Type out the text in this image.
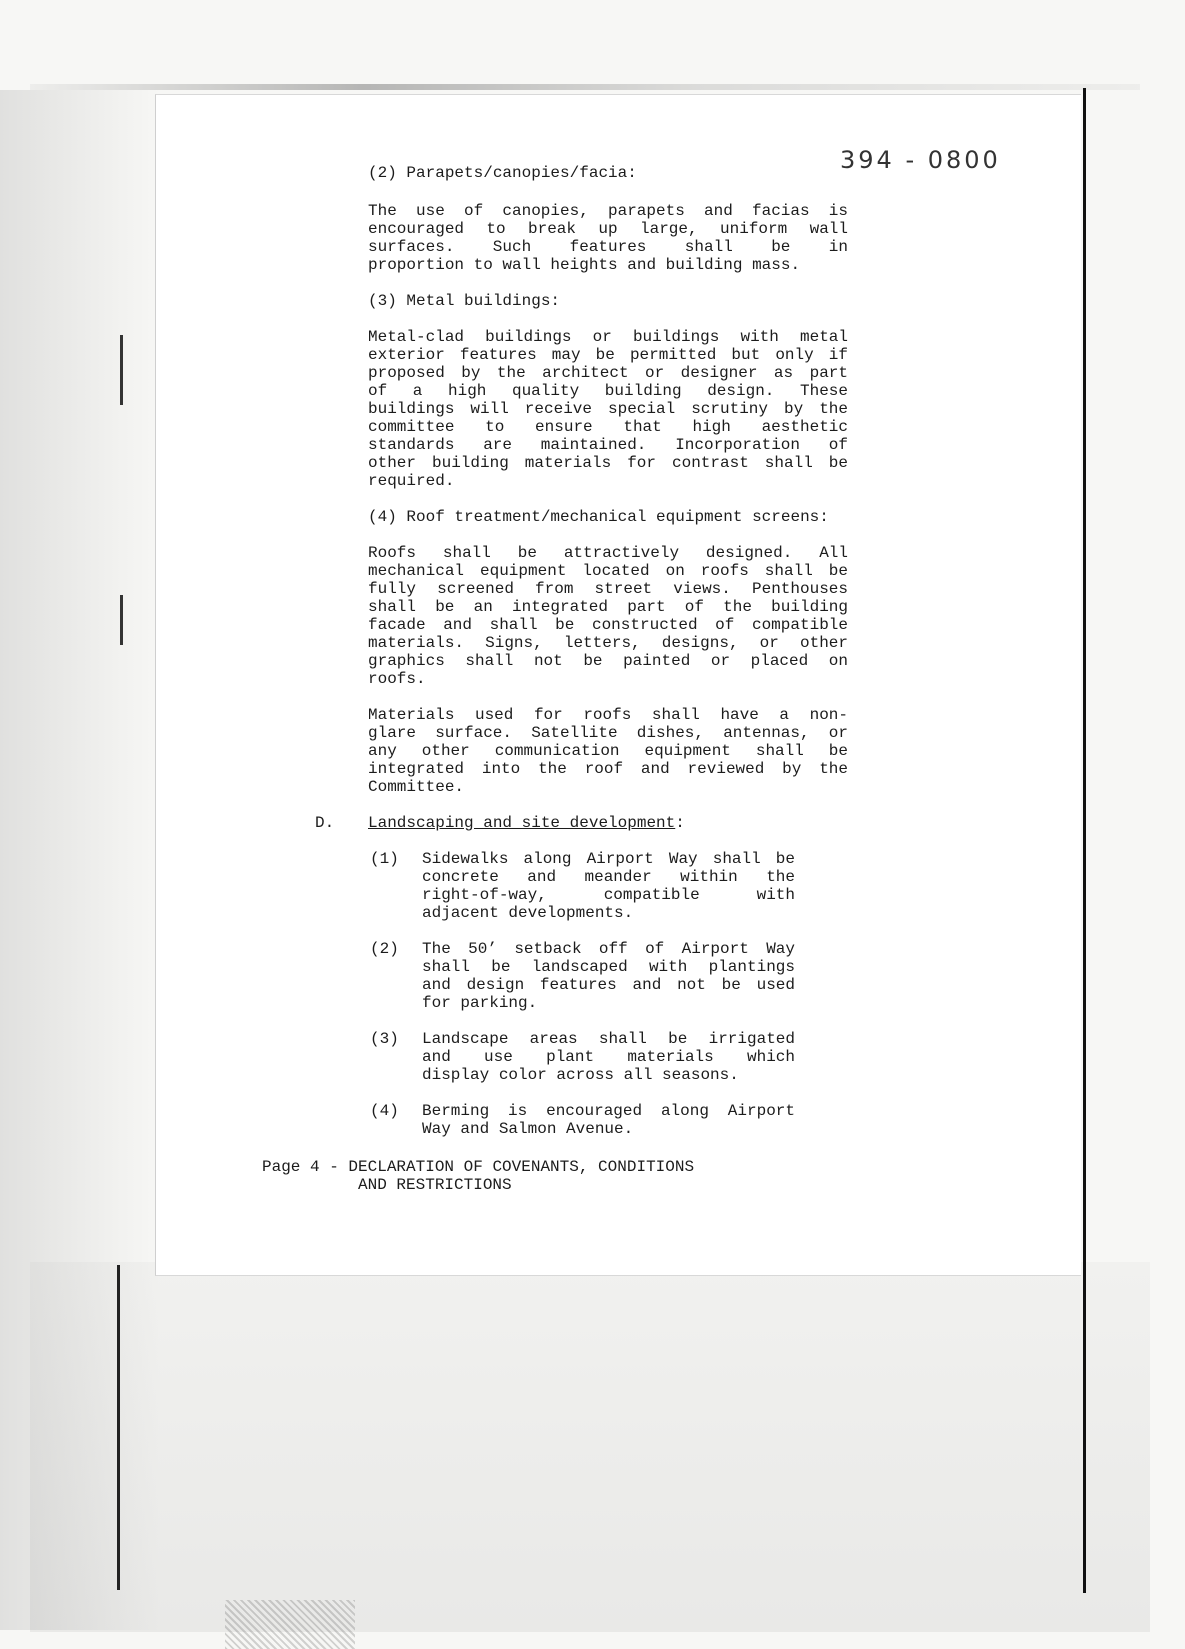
394 - 0800
(2) Parapets/canopies/facia:
The use of canopies, parapets and facias is
encouraged to break up large, uniform wall
surfaces. Such features shall be in
proportion to wall heights and building mass.
(3) Metal buildings:
Metal-clad buildings or buildings with metal
exterior features may be permitted but only if
proposed by the architect or designer as part
of a high quality building design. These
buildings will receive special scrutiny by the
committee to ensure that high aesthetic
standards are maintained. Incorporation of
other building materials for contrast shall be
required.
(4) Roof treatment/mechanical equipment screens:
Roofs shall be attractively designed. All
mechanical equipment located on roofs shall be
fully screened from street views. Penthouses
shall be an integrated part of the building
facade and shall be constructed of compatible
materials. Signs, letters, designs, or other
graphics shall not be painted or placed on
roofs.
Materials used for roofs shall have a non-
glare surface. Satellite dishes, antennas, or
any other communication equipment shall be
integrated into the roof and reviewed by the
Committee.
D. Landscaping and site development:
(1) Sidewalks along Airport Way shall be
concrete and meander within the
right-of-way, compatible with
adjacent developments.
(2) The 50’ setback off of Airport Way
shall be landscaped with plantings
and design features and not be used
for parking.
(3) Landscape areas shall be irrigated
and use plant materials which
display color across all seasons.
(4) Berming is encouraged along Airport
Way and Salmon Avenue.
Page 4 - DECLARATION OF COVENANTS, CONDITIONS
AND RESTRICTIONS
